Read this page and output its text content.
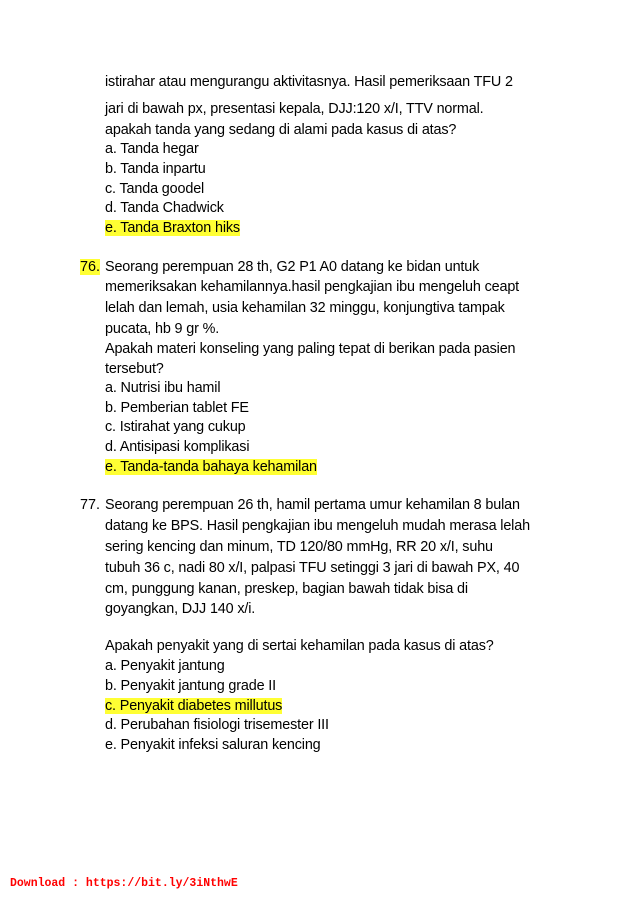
istirahar atau mengurangu aktivitasnya. Hasil pemeriksaan TFU 2
jari di bawah px, presentasi kepala, DJJ:120 x/I, TTV normal.
apakah tanda yang sedang di alami pada kasus di atas?
a. Tanda hegar
b. Tanda inpartu
c. Tanda goodel
d. Tanda Chadwick
e. Tanda Braxton hiks
76. Seorang perempuan 28 th, G2 P1 A0 datang ke bidan untuk
memeriksakan kehamilannya.hasil pengkajian ibu mengeluh ceapt
lelah dan lemah, usia kehamilan 32 minggu, konjungtiva tampak
pucata, hb 9 gr %.
Apakah materi konseling yang paling tepat di berikan pada pasien
tersebut?
a. Nutrisi ibu hamil
b. Pemberian tablet FE
c. Istirahat yang cukup
d. Antisipasi komplikasi
e. Tanda-tanda bahaya kehamilan
77. Seorang perempuan 26 th, hamil pertama umur kehamilan 8 bulan
datang ke BPS. Hasil pengkajian ibu mengeluh mudah merasa lelah
sering kencing dan minum, TD 120/80 mmHg, RR 20 x/I, suhu
tubuh 36 c, nadi 80 x/I, palpasi TFU setinggi 3 jari di bawah PX, 40
cm, punggung kanan, preskep, bagian bawah tidak bisa di
goyangkan, DJJ 140 x/i.
Apakah penyakit yang di sertai kehamilan pada kasus di atas?
a. Penyakit jantung
b. Penyakit jantung grade II
c. Penyakit diabetes millutus
d. Perubahan fisiologi trisemester III
e. Penyakit infeksi saluran kencing
Download : https://bit.ly/3iNthwE
